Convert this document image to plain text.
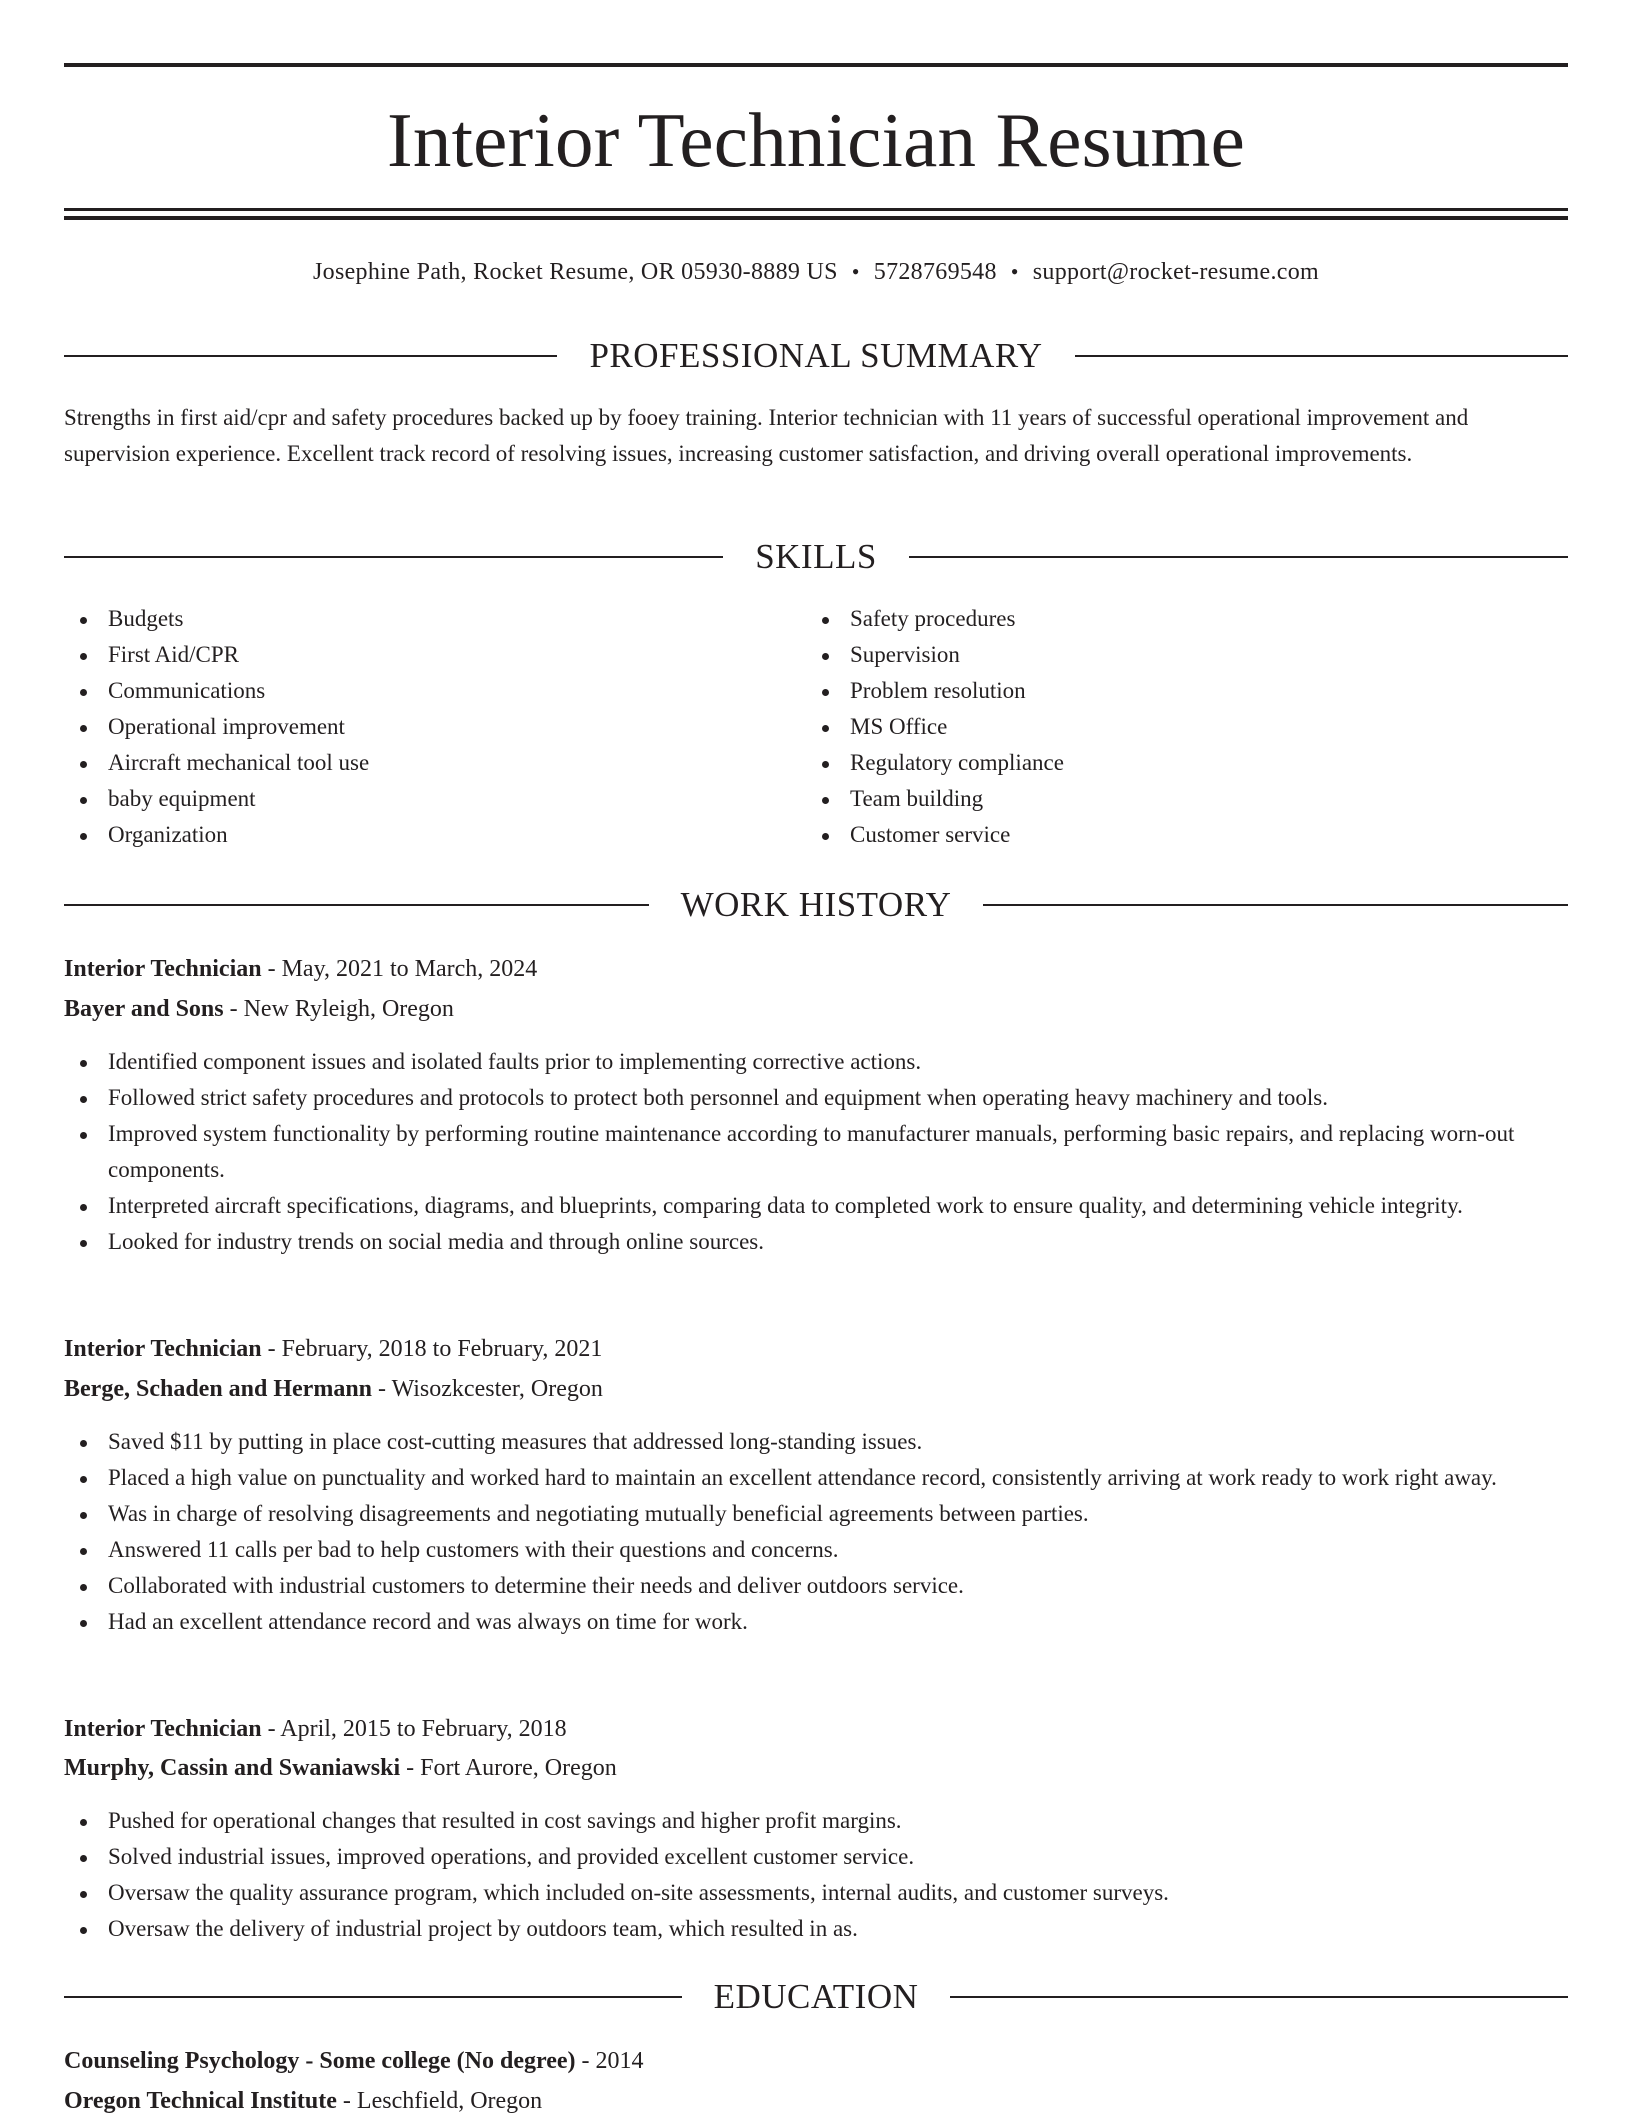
Interior Technician Resume
Josephine Path, Rocket Resume, OR 05930-8889 US • 5728769548 • support@rocket-resume.com
PROFESSIONAL SUMMARY

Strengths in first aid/cpr and safety procedures backed up by fooey training. Interior technician with 11 years of successful operational improvement and supervision experience. Excellent track record of resolving issues, increasing customer satisfaction, and driving overall operational improvements.

SKILLS
Budgets
First Aid/CPR
Communications
Operational improvement
Aircraft mechanical tool use
baby equipment
Organization
Safety procedures
Supervision
Problem resolution
MS Office
Regulatory compliance
Team building
Customer service
WORK HISTORY
Interior Technician - May, 2021 to March, 2024
Bayer and Sons - New Ryleigh, Oregon
Identified component issues and isolated faults prior to implementing corrective actions.
Followed strict safety procedures and protocols to protect both personnel and equipment when operating heavy machinery and tools.
Improved system functionality by performing routine maintenance according to manufacturer manuals, performing basic repairs, and replacing worn-out components.
Interpreted aircraft specifications, diagrams, and blueprints, comparing data to completed work to ensure quality, and determining vehicle integrity.
Looked for industry trends on social media and through online sources.
Interior Technician - February, 2018 to February, 2021
Berge, Schaden and Hermann - Wisozkcester, Oregon
Saved $11 by putting in place cost-cutting measures that addressed long-standing issues.
Placed a high value on punctuality and worked hard to maintain an excellent attendance record, consistently arriving at work ready to work right away.
Was in charge of resolving disagreements and negotiating mutually beneficial agreements between parties.
Answered 11 calls per bad to help customers with their questions and concerns.
Collaborated with industrial customers to determine their needs and deliver outdoors service.
Had an excellent attendance record and was always on time for work.
Interior Technician - April, 2015 to February, 2018
Murphy, Cassin and Swaniawski - Fort Aurore, Oregon
Pushed for operational changes that resulted in cost savings and higher profit margins.
Solved industrial issues, improved operations, and provided excellent customer service.
Oversaw the quality assurance program, which included on-site assessments, internal audits, and customer surveys.
Oversaw the delivery of industrial project by outdoors team, which resulted in as.
EDUCATION
Counseling Psychology - Some college (No degree) - 2014
Oregon Technical Institute - Leschfield, Oregon
